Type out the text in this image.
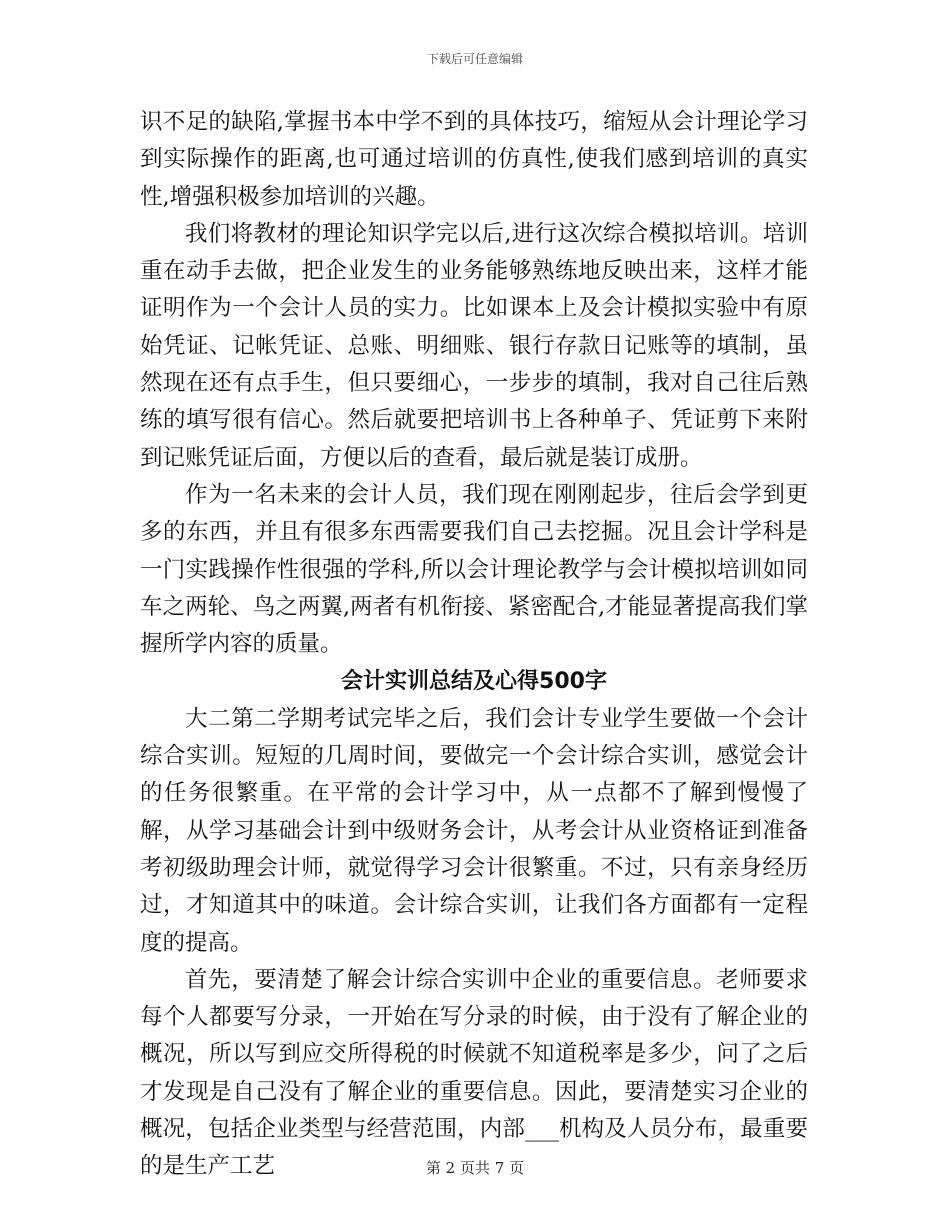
下载后可任意编辑

识不足的缺陷,掌握书本中学不到的具体技巧，缩短从会计理论学习到实际操作的距离,也可通过培训的仿真性,使我们感到培训的真实性,增强积极参加培训的兴趣。

我们将教材的理论知识学完以后,进行这次综合模拟培训。培训重在动手去做，把企业发生的业务能够熟练地反映出来，这样才能证明作为一个会计人员的实力。比如课本上及会计模拟实验中有原始凭证、记帐凭证、总账、明细账、银行存款日记账等的填制，虽然现在还有点手生，但只要细心，一步步的填制，我对自己往后熟练的填写很有信心。然后就要把培训书上各种单子、凭证剪下来附到记账凭证后面，方便以后的查看，最后就是装订成册。

作为一名未来的会计人员，我们现在刚刚起步，往后会学到更多的东西，并且有很多东西需要我们自己去挖掘。况且会计学科是一门实践操作性很强的学科,所以会计理论教学与会计模拟培训如同车之两轮、鸟之两翼,两者有机衔接、紧密配合,才能显著提高我们掌握所学内容的质量。

会计实训总结及心得500字

大二第二学期考试完毕之后，我们会计专业学生要做一个会计综合实训。短短的几周时间，要做完一个会计综合实训，感觉会计的任务很繁重。在平常的会计学习中，从一点都不了解到慢慢了解，从学习基础会计到中级财务会计，从考会计从业资格证到准备考初级助理会计师，就觉得学习会计很繁重。不过，只有亲身经历过，才知道其中的味道。会计综合实训，让我们各方面都有一定程度的提高。

首先，要清楚了解会计综合实训中企业的重要信息。老师要求每个人都要写分录，一开始在写分录的时候，由于没有了解企业的概况，所以写到应交所得税的时候就不知道税率是多少，问了之后才发现是自己没有了解企业的重要信息。因此，要清楚实习企业的概况，包括企业类型与经营范围，内部___机构及人员分布，最重要的是生产工艺	第 2 页共 7 页
